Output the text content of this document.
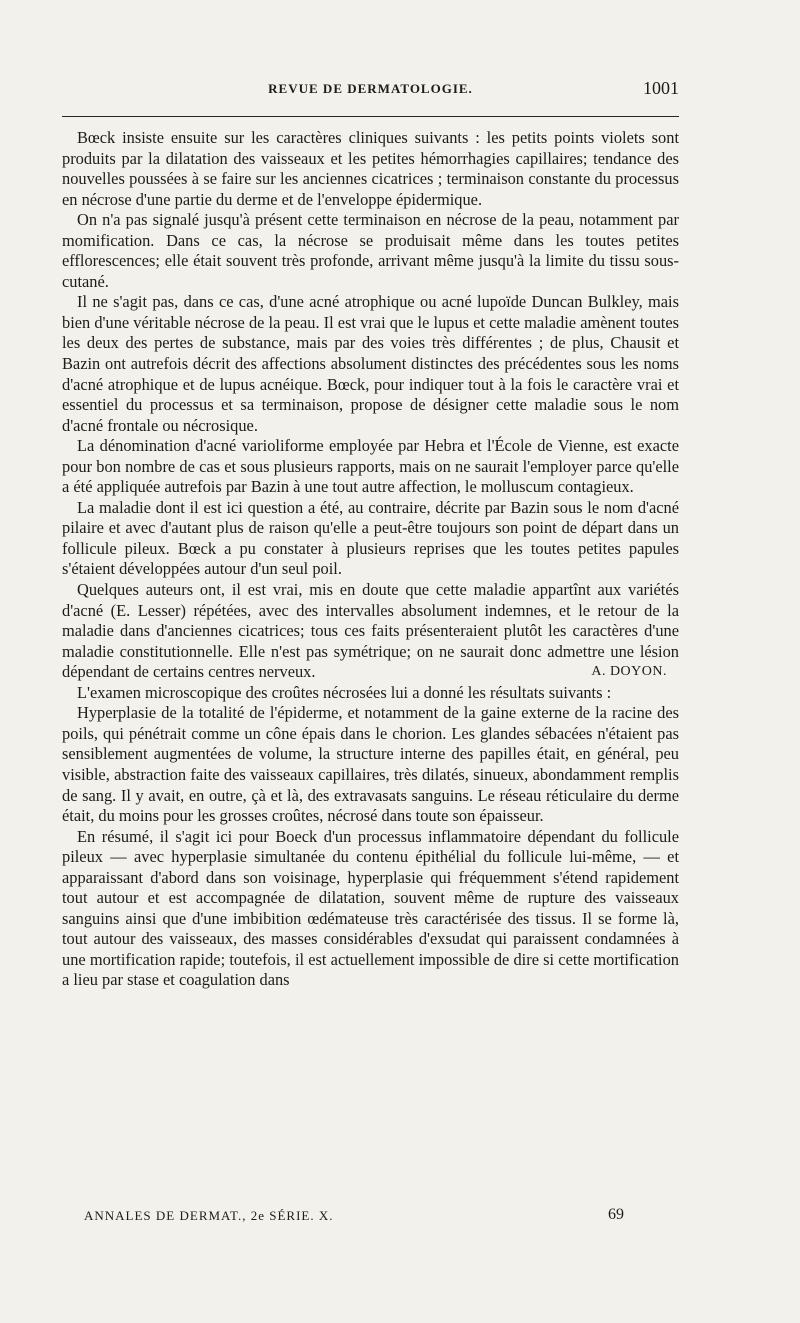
REVUE DE DERMATOLOGIE.	1001

Bœck insiste ensuite sur les caractères cliniques suivants : les petits points violets sont produits par la dilatation des vaisseaux et les petites hémorrhagies capillaires; tendance des nouvelles poussées à se faire sur les anciennes cicatrices ; terminaison constante du processus en nécrose d'une partie du derme et de l'enveloppe épidermique.

On n'a pas signalé jusqu'à présent cette terminaison en nécrose de la peau, notamment par momification. Dans ce cas, la nécrose se produisait même dans les toutes petites efflorescences; elle était souvent très profonde, arrivant même jusqu'à la limite du tissu sous-cutané.

Il ne s'agit pas, dans ce cas, d'une acné atrophique ou acné lupoïde Duncan Bulkley, mais bien d'une véritable nécrose de la peau. Il est vrai que le lupus et cette maladie amènent toutes les deux des pertes de substance, mais par des voies très différentes ; de plus, Chausit et Bazin ont autrefois décrit des affections absolument distinctes des précédentes sous les noms d'acné atrophique et de lupus acnéique. Bœck, pour indiquer tout à la fois le caractère vrai et essentiel du processus et sa terminaison, propose de désigner cette maladie sous le nom d'acné frontale ou nécrosique.

La dénomination d'acné varioliforme employée par Hebra et l'École de Vienne, est exacte pour bon nombre de cas et sous plusieurs rapports, mais on ne saurait l'employer parce qu'elle a été appliquée autrefois par Bazin à une tout autre affection, le molluscum contagieux.

La maladie dont il est ici question a été, au contraire, décrite par Bazin sous le nom d'acné pilaire et avec d'autant plus de raison qu'elle a peut-être toujours son point de départ dans un follicule pileux. Bœck a pu constater à plusieurs reprises que les toutes petites papules s'étaient développées autour d'un seul poil.

Quelques auteurs ont, il est vrai, mis en doute que cette maladie appartînt aux variétés d'acné (E. Lesser) répétées, avec des intervalles absolument indemnes, et le retour de la maladie dans d'anciennes cicatrices; tous ces faits présenteraient plutôt les caractères d'une maladie constitutionnelle. Elle n'est pas symétrique; on ne saurait donc admettre une lésion dépendant de certains centres nerveux.	A. DOYON.

L'examen microscopique des croûtes nécrosées lui a donné les résultats suivants :

Hyperplasie de la totalité de l'épiderme, et notamment de la gaine externe de la racine des poils, qui pénétrait comme un cône épais dans le chorion. Les glandes sébacées n'étaient pas sensiblement augmentées de volume, la structure interne des papilles était, en général, peu visible, abstraction faite des vaisseaux capillaires, très dilatés, sinueux, abondamment remplis de sang. Il y avait, en outre, çà et là, des extravasats sanguins. Le réseau réticulaire du derme était, du moins pour les grosses croûtes, nécrosé dans toute son épaisseur.

En résumé, il s'agit ici pour Boeck d'un processus inflammatoire dépendant du follicule pileux — avec hyperplasie simultanée du contenu épithélial du follicule lui-même, — et apparaissant d'abord dans son voisinage, hyperplasie qui fréquemment s'étend rapidement tout autour et est accompagnée de dilatation, souvent même de rupture des vaisseaux sanguins ainsi que d'une imbibition œdémateuse très caractérisée des tissus. Il se forme là, tout autour des vaisseaux, des masses considérables d'exsudat qui paraissent condamnées à une mortification rapide; toutefois, il est actuellement impossible de dire si cette mortification a lieu par stase et coagulation dans

ANNALES DE DERMAT., 2e SÉRIE. X.	69
